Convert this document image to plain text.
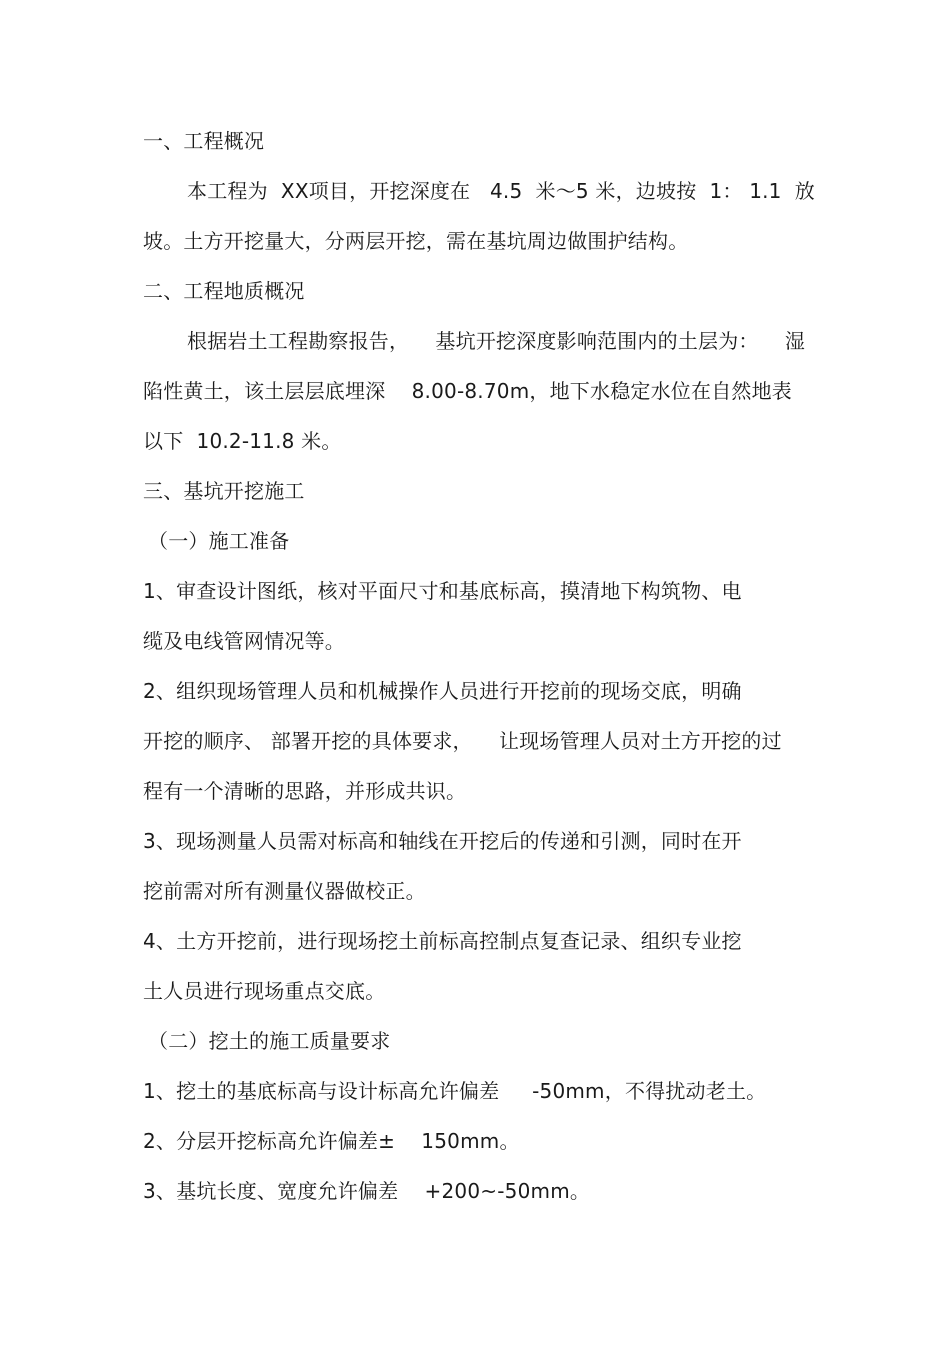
一、工程概况
本工程为  XX项目，开挖深度在   4.5  米～5 米，边坡按  1： 1.1  放
坡。土方开挖量大，分两层开挖，需在基坑周边做围护结构。
二、工程地质概况
根据岩土工程勘察报告，    基坑开挖深度影响范围内的土层为：    湿
陷性黄土，该土层层底埋深    8.00-8.70m，地下水稳定水位在自然地表
以下  10.2-11.8 米。
三、基坑开挖施工
（一）施工准备
1、审查设计图纸，核对平面尺寸和基底标高，摸清地下构筑物、电
缆及电线管网情况等。
2、组织现场管理人员和机械操作人员进行开挖前的现场交底，明确
开挖的顺序、 部署开挖的具体要求，    让现场管理人员对土方开挖的过
程有一个清晰的思路，并形成共识。
3、现场测量人员需对标高和轴线在开挖后的传递和引测，同时在开
挖前需对所有测量仪器做校正。
4、土方开挖前，进行现场挖土前标高控制点复查记录、组织专业挖
土人员进行现场重点交底。
（二）挖土的施工质量要求
1、挖土的基底标高与设计标高允许偏差     -50mm，不得扰动老土。
2、分层开挖标高允许偏差±    150mm。
3、基坑长度、宽度允许偏差    +200~-50mm。
